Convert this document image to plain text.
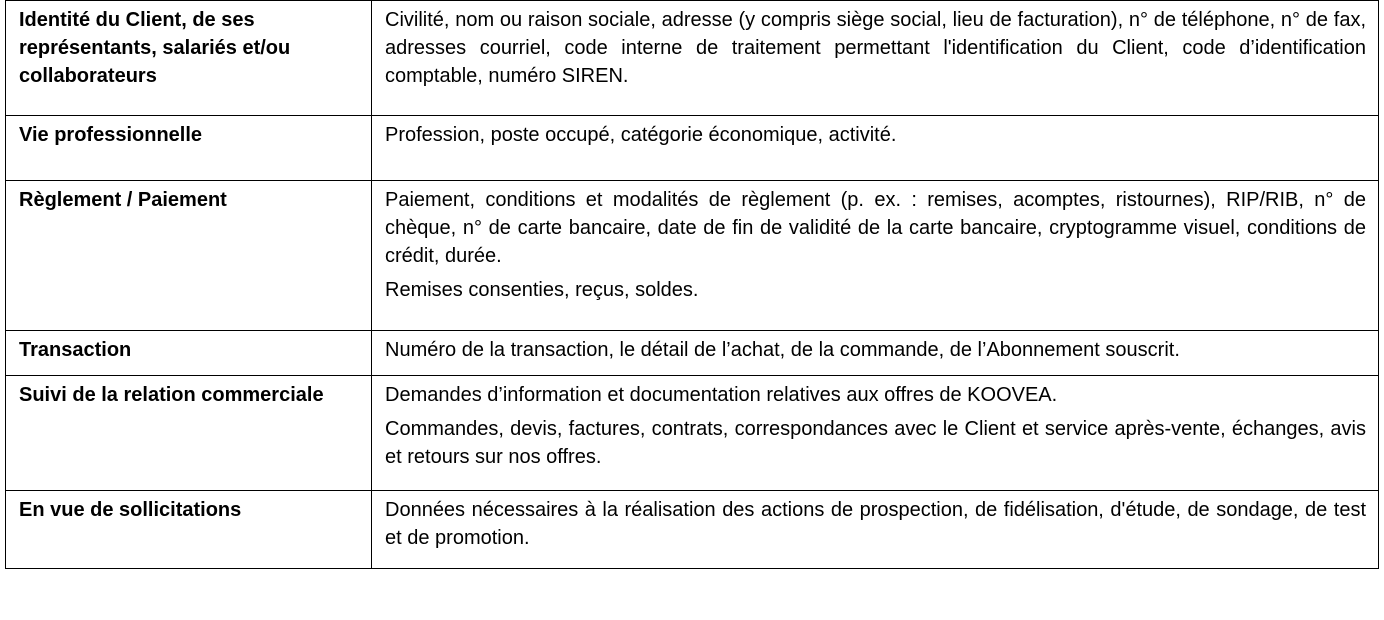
Identité du Client, de ses représentants, salariés et/ou collaborateurs	Civilité, nom ou raison sociale, adresse (y compris siège social, lieu de facturation), n° de téléphone, n° de fax, adresses courriel, code interne de traitement permettant l'identification du Client, code d’identification comptable, numéro SIREN.

Vie professionnelle	Profession, poste occupé, catégorie économique, activité.

Règlement / Paiement	Paiement, conditions et modalités de règlement (p. ex. : remises, acomptes, ristournes), RIP/RIB, n° de chèque, n° de carte bancaire, date de fin de validité de la carte bancaire, cryptogramme visuel, conditions de crédit, durée.

Remises consenties, reçus, soldes.

Transaction	Numéro de la transaction, le détail de l’achat, de la commande, de l’Abonnement souscrit.

Suivi de la relation commerciale	Demandes d’information et documentation relatives aux offres de KOOVEA.

Commandes, devis, factures, contrats, correspondances avec le Client et service après-vente, échanges, avis et retours sur nos offres.

En vue de sollicitations	Données nécessaires à la réalisation des actions de prospection, de fidélisation, d'étude, de sondage, de test et de promotion.
